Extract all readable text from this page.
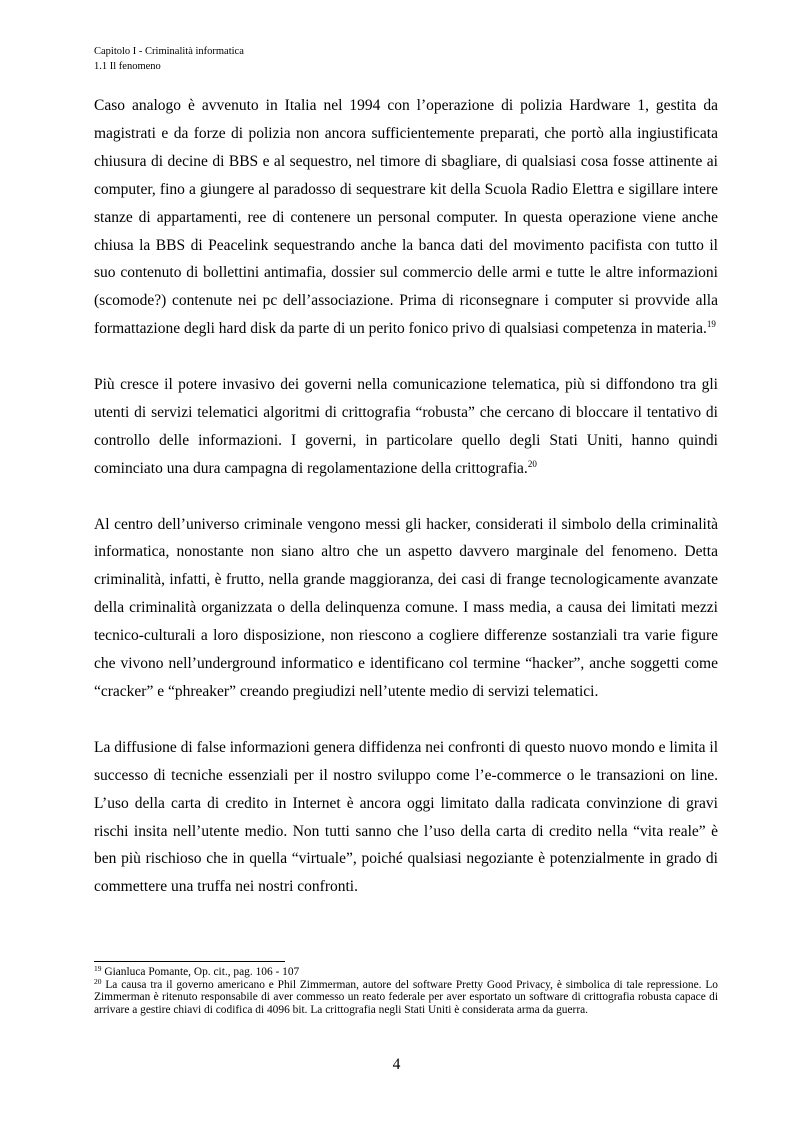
Capitolo I - Criminalità informatica
1.1 Il fenomeno

Caso analogo è avvenuto in Italia nel 1994 con l’operazione di polizia Hardware 1, gestita da magistrati e da forze di polizia non ancora sufficientemente preparati, che portò alla ingiustificata chiusura di decine di BBS e al sequestro, nel timore di sbagliare, di qualsiasi cosa fosse attinente ai computer, fino a giungere al paradosso di sequestrare kit della Scuola Radio Elettra e sigillare intere stanze di appartamenti, ree di contenere un personal computer. In questa operazione viene anche chiusa la BBS di Peacelink sequestrando anche la banca dati del movimento pacifista con tutto il suo contenuto di bollettini antimafia, dossier sul commercio delle armi e tutte le altre informazioni (scomode?) contenute nei pc dell’associazione. Prima di riconsegnare i computer si provvide alla formattazione degli hard disk da parte di un perito fonico privo di qualsiasi competenza in materia.$^{19}$

Più cresce il potere invasivo dei governi nella comunicazione telematica, più si diffondono tra gli utenti di servizi telematici algoritmi di crittografia “robusta” che cercano di bloccare il tentativo di controllo delle informazioni. I governi, in particolare quello degli Stati Uniti, hanno quindi cominciato una dura campagna di regolamentazione della crittografia.$^{20}$

Al centro dell’universo criminale vengono messi gli hacker, considerati il simbolo della criminalità informatica, nonostante non siano altro che un aspetto davvero marginale del fenomeno. Detta criminalità, infatti, è frutto, nella grande maggioranza, dei casi di frange tecnologicamente avanzate della criminalità organizzata o della delinquenza comune. I mass media, a causa dei limitati mezzi tecnico-culturali a loro disposizione, non riescono a cogliere differenze sostanziali tra varie figure che vivono nell’underground informatico e identificano col termine “hacker”, anche soggetti come “cracker” e “phreaker” creando pregiudizi nell’utente medio di servizi telematici.

La diffusione di false informazioni genera diffidenza nei confronti di questo nuovo mondo e limita il successo di tecniche essenziali per il nostro sviluppo come l’e-commerce o le transazioni on line. L’uso della carta di credito in Internet è ancora oggi limitato dalla radicata convinzione di gravi rischi insita nell’utente medio. Non tutti sanno che l’uso della carta di credito nella “vita reale” è ben più rischioso che in quella “virtuale”, poiché qualsiasi negoziante è potenzialmente in grado di commettere una truffa nei nostri confronti.

$^{19}$ Gianluca Pomante, Op. cit., pag. 106 - 107

$^{20}$ La causa tra il governo americano e Phil Zimmerman, autore del software Pretty Good Privacy, è simbolica di tale repressione. Lo Zimmerman è ritenuto responsabile di aver commesso un reato federale per aver esportato un software di crittografia robusta capace di arrivare a gestire chiavi di codifica di 4096 bit. La crittografia negli Stati Uniti è considerata arma da guerra.

4
